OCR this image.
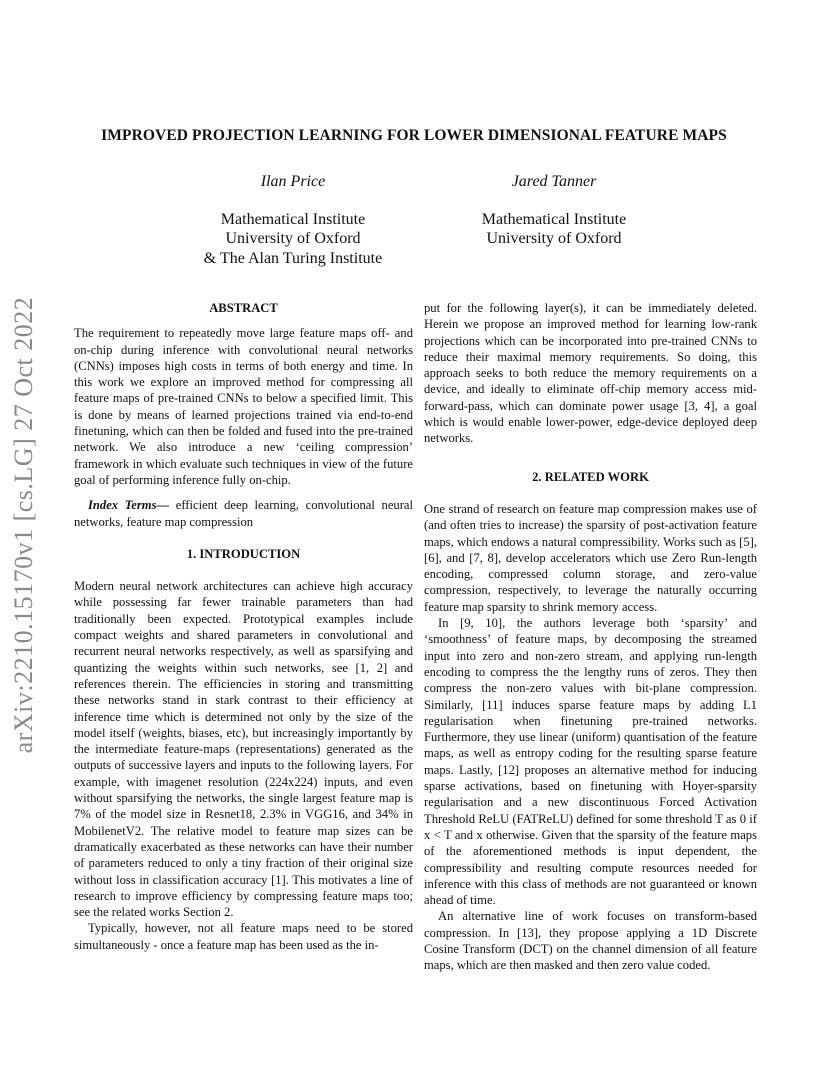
arXiv:2210.15170v1 [cs.LG] 27 Oct 2022
IMPROVED PROJECTION LEARNING FOR LOWER DIMENSIONAL FEATURE MAPS
Ilan Price
Mathematical Institute
University of Oxford
& The Alan Turing Institute
Jared Tanner
Mathematical Institute
University of Oxford
ABSTRACT

The requirement to repeatedly move large feature maps off- and on-chip during inference with convolutional neural networks (CNNs) imposes high costs in terms of both energy and time. In this work we explore an improved method for compressing all feature maps of pre-trained CNNs to below a specified limit. This is done by means of learned projections trained via end-to-end finetuning, which can then be folded and fused into the pre-trained network. We also introduce a new ‘ceiling compression’ framework in which evaluate such techniques in view of the future goal of performing inference fully on-chip.

Index Terms— efficient deep learning, convolutional neural networks, feature map compression

1. INTRODUCTION

Modern neural network architectures can achieve high accuracy while possessing far fewer trainable parameters than had traditionally been expected. Prototypical examples include compact weights and shared parameters in convolutional and recurrent neural networks respectively, as well as sparsifying and quantizing the weights within such networks, see [1, 2] and references therein. The efficiencies in storing and transmitting these networks stand in stark contrast to their efficiency at inference time which is determined not only by the size of the model itself (weights, biases, etc), but increasingly importantly by the intermediate feature-maps (representations) generated as the outputs of successive layers and inputs to the following layers. For example, with imagenet resolution (224x224) inputs, and even without sparsifying the networks, the single largest feature map is 7% of the model size in Resnet18, 2.3% in VGG16, and 34% in MobilenetV2. The relative model to feature map sizes can be dramatically exacerbated as these networks can have their number of parameters reduced to only a tiny fraction of their original size without loss in classification accuracy [1]. This motivates a line of research to improve efficiency by compressing feature maps too; see the related works Section 2.

Typically, however, not all feature maps need to be stored simultaneously - once a feature map has been used as the in-

put for the following layer(s), it can be immediately deleted. Herein we propose an improved method for learning low-rank projections which can be incorporated into pre-trained CNNs to reduce their maximal memory requirements. So doing, this approach seeks to both reduce the memory requirements on a device, and ideally to eliminate off-chip memory access mid-forward-pass, which can dominate power usage [3, 4], a goal which is would enable lower-power, edge-device deployed deep networks.

2. RELATED WORK

One strand of research on feature map compression makes use of (and often tries to increase) the sparsity of post-activation feature maps, which endows a natural compressibility. Works such as [5], [6], and [7, 8], develop accelerators which use Zero Run-length encoding, compressed column storage, and zero-value compression, respectively, to leverage the naturally occurring feature map sparsity to shrink memory access.

In [9, 10], the authors leverage both ‘sparsity’ and ‘smoothness’ of feature maps, by decomposing the streamed input into zero and non-zero stream, and applying run-length encoding to compress the the lengthy runs of zeros. They then compress the non-zero values with bit-plane compression. Similarly, [11] induces sparse feature maps by adding L1 regularisation when finetuning pre-trained networks. Furthermore, they use linear (uniform) quantisation of the feature maps, as well as entropy coding for the resulting sparse feature maps. Lastly, [12] proposes an alternative method for inducing sparse activations, based on finetuning with Hoyer-sparsity regularisation and a new discontinuous Forced Activation Threshold ReLU (FATReLU) defined for some threshold T as 0 if x < T and x otherwise. Given that the sparsity of the feature maps of the aforementioned methods is input dependent, the compressibility and resulting compute resources needed for inference with this class of methods are not guaranteed or known ahead of time.

An alternative line of work focuses on transform-based compression. In [13], they propose applying a 1D Discrete Cosine Transform (DCT) on the channel dimension of all feature maps, which are then masked and then zero value coded.
